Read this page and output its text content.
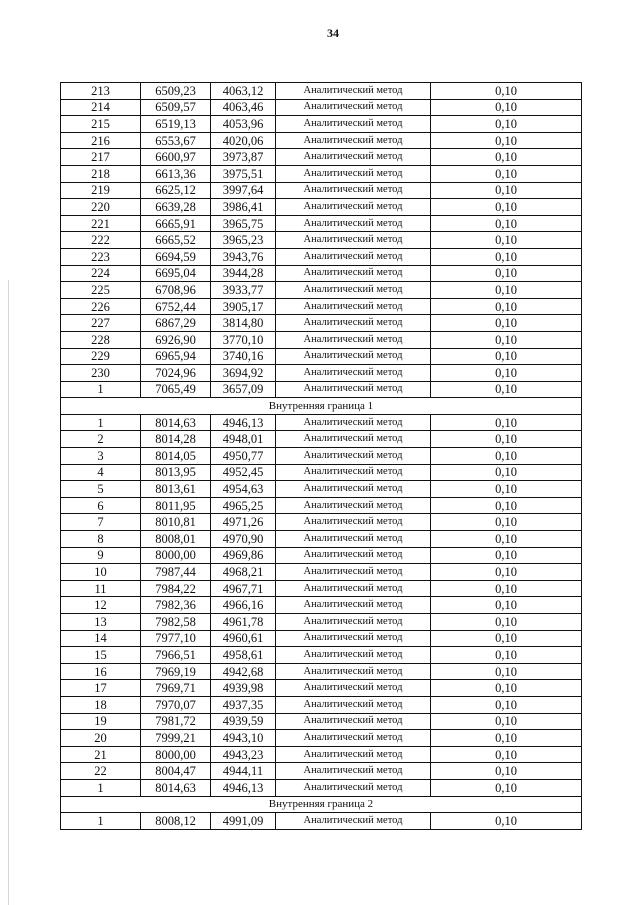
34
213	6509,23	4063,12	Аналитический метод	0,10
214	6509,57	4063,46	Аналитический метод	0,10
215	6519,13	4053,96	Аналитический метод	0,10
216	6553,67	4020,06	Аналитический метод	0,10
217	6600,97	3973,87	Аналитический метод	0,10
218	6613,36	3975,51	Аналитический метод	0,10
219	6625,12	3997,64	Аналитический метод	0,10
220	6639,28	3986,41	Аналитический метод	0,10
221	6665,91	3965,75	Аналитический метод	0,10
222	6665,52	3965,23	Аналитический метод	0,10
223	6694,59	3943,76	Аналитический метод	0,10
224	6695,04	3944,28	Аналитический метод	0,10
225	6708,96	3933,77	Аналитический метод	0,10
226	6752,44	3905,17	Аналитический метод	0,10
227	6867,29	3814,80	Аналитический метод	0,10
228	6926,90	3770,10	Аналитический метод	0,10
229	6965,94	3740,16	Аналитический метод	0,10
230	7024,96	3694,92	Аналитический метод	0,10
1	7065,49	3657,09	Аналитический метод	0,10
Внутренняя граница 1				
1	8014,63	4946,13	Аналитический метод	0,10
2	8014,28	4948,01	Аналитический метод	0,10
3	8014,05	4950,77	Аналитический метод	0,10
4	8013,95	4952,45	Аналитический метод	0,10
5	8013,61	4954,63	Аналитический метод	0,10
6	8011,95	4965,25	Аналитический метод	0,10
7	8010,81	4971,26	Аналитический метод	0,10
8	8008,01	4970,90	Аналитический метод	0,10
9	8000,00	4969,86	Аналитический метод	0,10
10	7987,44	4968,21	Аналитический метод	0,10
11	7984,22	4967,71	Аналитический метод	0,10
12	7982,36	4966,16	Аналитический метод	0,10
13	7982,58	4961,78	Аналитический метод	0,10
14	7977,10	4960,61	Аналитический метод	0,10
15	7966,51	4958,61	Аналитический метод	0,10
16	7969,19	4942,68	Аналитический метод	0,10
17	7969,71	4939,98	Аналитический метод	0,10
18	7970,07	4937,35	Аналитический метод	0,10
19	7981,72	4939,59	Аналитический метод	0,10
20	7999,21	4943,10	Аналитический метод	0,10
21	8000,00	4943,23	Аналитический метод	0,10
22	8004,47	4944,11	Аналитический метод	0,10
1	8014,63	4946,13	Аналитический метод	0,10
Внутренняя граница 2				
1	8008,12	4991,09	Аналитический метод	0,10
